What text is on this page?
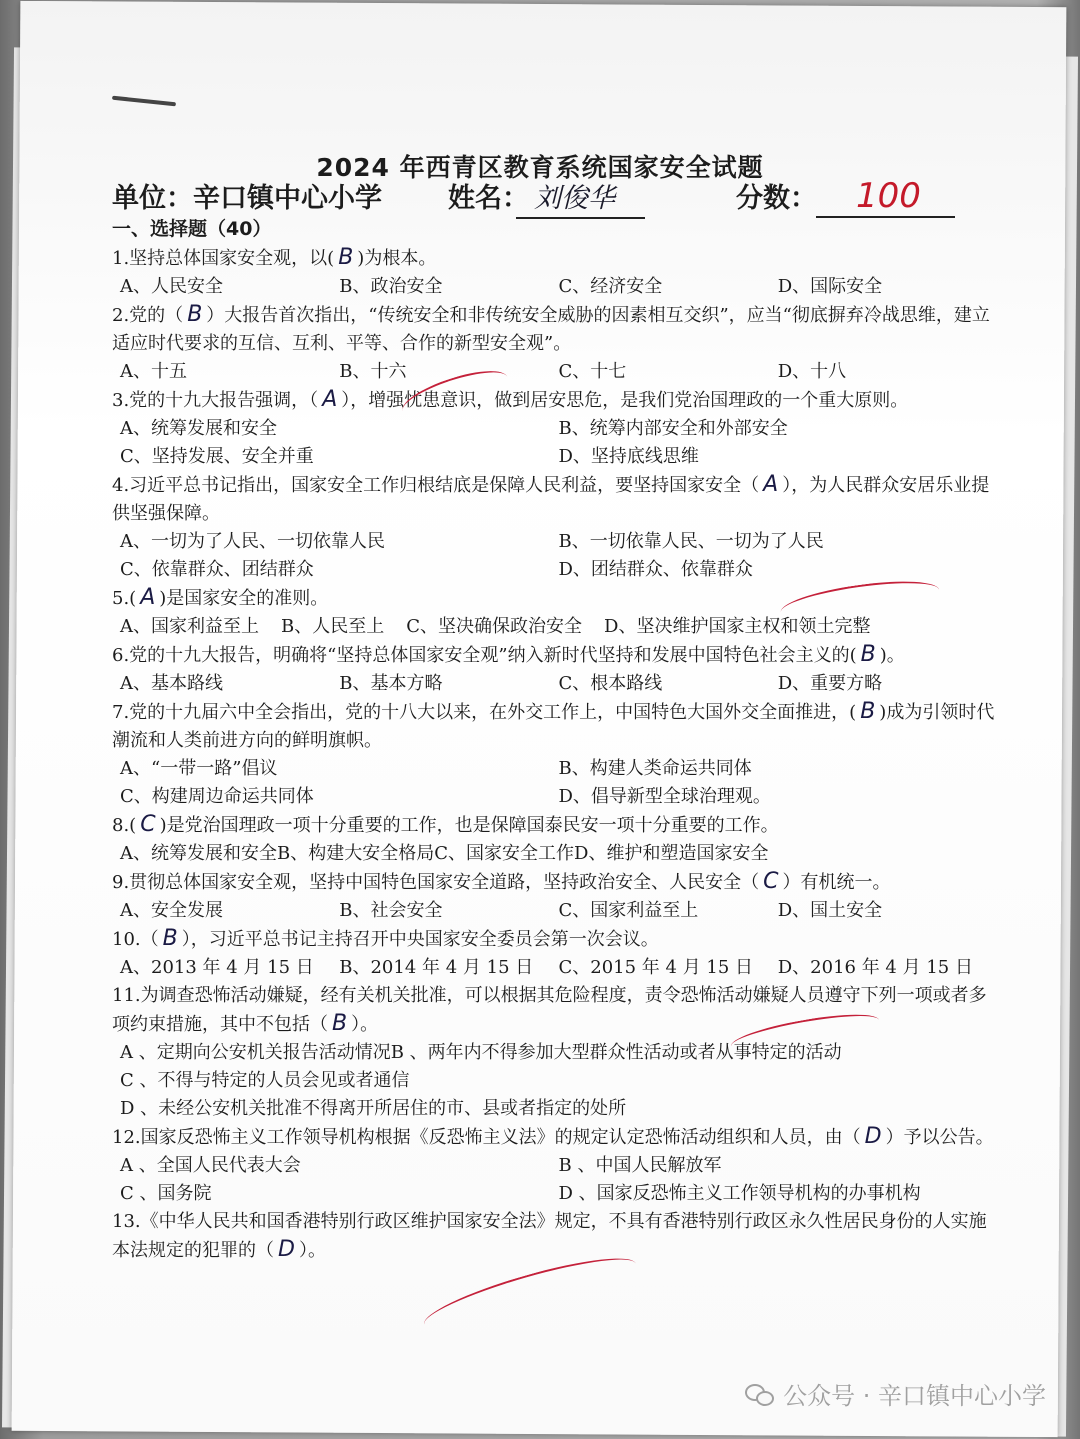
2024 年西青区教育系统国家安全试题
单位：辛口镇中心小学 姓名： 刘俊华	分数：	100
一、选择题（40）

1.坚持总体国家安全观，以( B )为根本。

A、人民安全	B、政治安全	C、经济安全	D、国际安全

2.党的（ B ）大报告首次指出，“传统安全和非传统安全威胁的因素相互交织”，应当“彻底摒弃冷战思维，建立适应时代要求的互信、互利、平等、合作的新型安全观”。

A、十五	B、十六	C、十七	D、十八

3.党的十九大报告强调，（ A ），增强忧患意识，做到居安思危，是我们党治国理政的一个重大原则。

A、统筹发展和安全	B、统筹内部安全和外部安全
C、坚持发展、安全并重	D、坚持底线思维

4.习近平总书记指出，国家安全工作归根结底是保障人民利益，要坚持国家安全（ A ），为人民群众安居乐业提供坚强保障。

A、一切为了人民、一切依靠人民	B、一切依靠人民、一切为了人民
C、依靠群众、团结群众	D、团结群众、依靠群众

5.( A )是国家安全的准则。

A、国家利益至上 B、人民至上 C、坚决确保政治安全 D、坚决维护国家主权和领土完整

6.党的十九大报告，明确将“坚持总体国家安全观”纳入新时代坚持和发展中国特色社会主义的( B )。

A、基本路线	B、基本方略	C、根本路线	D、重要方略

7.党的十九届六中全会指出，党的十八大以来，在外交工作上，中国特色大国外交全面推进，( B )成为引领时代潮流和人类前进方向的鲜明旗帜。

A、“一带一路”倡议	B、构建人类命运共同体
C、构建周边命运共同体	D、倡导新型全球治理观。

8.( C )是党治国理政一项十分重要的工作，也是保障国泰民安一项十分重要的工作。

A、统筹发展和安全 B、构建大安全格局 C、国家安全工作 D、维护和塑造国家安全

9.贯彻总体国家安全观，坚持中国特色国家安全道路，坚持政治安全、人民安全（ C ）有机统一。

A、安全发展	B、社会安全	C、国家利益至上	D、国土安全

10.（ B ），习近平总书记主持召开中央国家安全委员会第一次会议。

A、2013 年 4 月 15 日	B、2014 年 4 月 15 日	C、2015 年 4 月 15 日	D、2016 年 4 月 15 日

11.为调查恐怖活动嫌疑，经有关机关批准，可以根据其危险程度，责令恐怖活动嫌疑人员遵守下列一项或者多项约束措施，其中不包括（ B ）。

A 、定期向公安机关报告活动情况 B 、两年内不得参加大型群众性活动或者从事特定的活动
C 、不得与特定的人员会见或者通信
D 、未经公安机关批准不得离开所居住的市、县或者指定的处所

12.国家反恐怖主义工作领导机构根据《反恐怖主义法》的规定认定恐怖活动组织和人员，由（ D ）予以公告。

A 、全国人民代表大会	B 、中国人民解放军
C 、国务院	D 、国家反恐怖主义工作领导机构的办事机构

13.《中华人民共和国香港特别行政区维护国家安全法》规定，不具有香港特别行政区永久性居民身份的人实施本法规定的犯罪的（ D ）。

公众号 · 辛口镇中心小学
